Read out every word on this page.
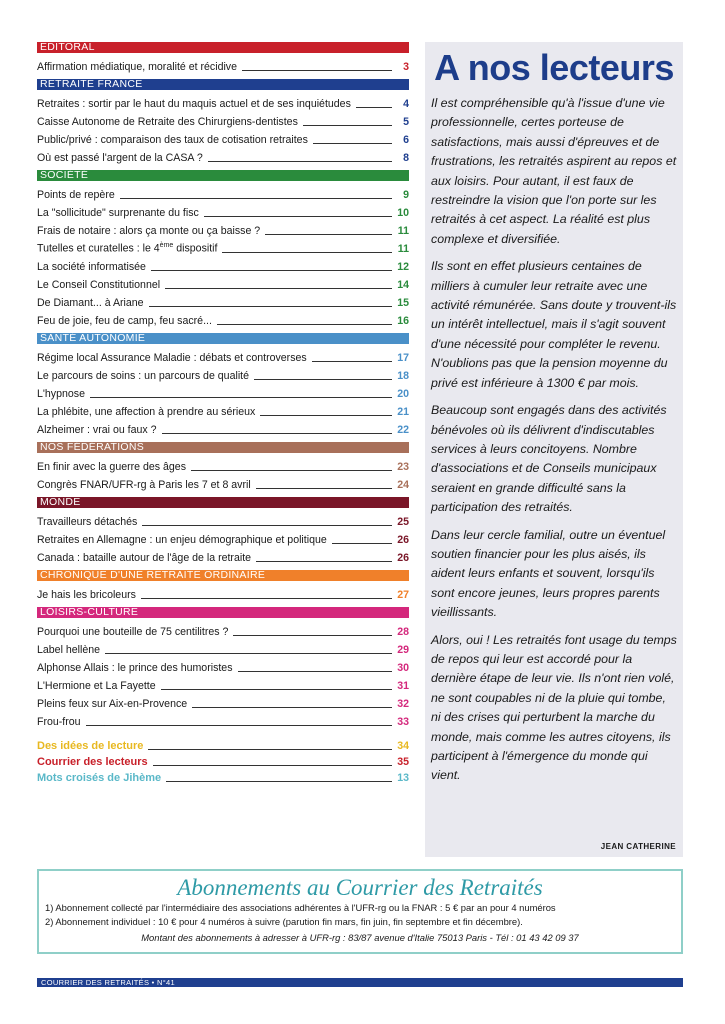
EDITORAL
Affirmation médiatique, moralité et récidive	3
RETRAITE FRANCE
Retraites : sortir par le haut du maquis actuel et de ses inquiétudes	4
Caisse Autonome de Retraite des Chirurgiens-dentistes	5
Public/privé : comparaison des taux de cotisation retraites	6
Où est passé l'argent de la CASA ?	8
SOCIÉTÉ
Points de repère	9
La "sollicitude" surprenante du fisc	10
Frais de notaire : alors ça monte ou ça baisse ?	11
Tutelles et curatelles : le 4ème dispositif	11
La société informatisée	12
Le Conseil Constitutionnel	14
De Diamant... à Ariane	15
Feu de joie, feu de camp, feu sacré...	16
SANTÉ AUTONOMIE
Régime local Assurance Maladie : débats et controverses	17
Le parcours de soins : un parcours de qualité	18
L'hypnose	20
La phlébite, une affection à prendre au sérieux	21
Alzheimer : vrai ou faux ?	22
NOS FÉDÉRATIONS
En finir avec la guerre des âges	23
Congrès FNAR/UFR-rg à Paris les 7 et 8 avril	24
MONDE
Travailleurs détachés	25
Retraites en Allemagne : un enjeu démographique et politique	26
Canada : bataille autour de l'âge de la retraite	26
CHRONIQUE D'UNE RETRAITE ORDINAIRE
Je hais les bricoleurs	27
LOISIRS-CULTURE
Pourquoi une bouteille de 75 centilitres ?	28
Label hellène	29
Alphonse Allais : le prince des humoristes	30
L'Hermione et La Fayette	31
Pleins feux sur Aix-en-Provence	32
Frou-frou	33
Des idées de lecture	34
Courrier des lecteurs	35
Mots croisés de Jihème	13
A nos lecteurs

Il est compréhensible qu'à l'issue d'une vie professionnelle, certes porteuse de satisfactions, mais aussi d'épreuves et de frustrations, les retraités aspirent au repos et aux loisirs. Pour autant, il est faux de restreindre la vision que l'on porte sur les retraités à cet aspect. La réalité est plus complexe et diversifiée.

Ils sont en effet plusieurs centaines de milliers à cumuler leur retraite avec une activité rémunérée. Sans doute y trouvent-ils un intérêt intellectuel, mais il s'agit souvent d'une nécessité pour compléter le revenu. N'oublions pas que la pension moyenne du privé est inférieure à 1300 € par mois.

Beaucoup sont engagés dans des activités bénévoles où ils délivrent d'indiscutables services à leurs concitoyens. Nombre d'associations et de Conseils municipaux seraient en grande difficulté sans la participation des retraités.

Dans leur cercle familial, outre un éventuel soutien financier pour les plus aisés, ils aident leurs enfants et souvent, lorsqu'ils sont encore jeunes, leurs propres parents vieillissants.

Alors, oui ! Les retraités font usage du temps de repos qui leur est accordé pour la dernière étape de leur vie. Ils n'ont rien volé, ne sont coupables ni de la pluie qui tombe, ni des crises qui perturbent la marche du monde, mais comme les autres citoyens, ils participent à l'émergence du monde qui vient.

JEAN CATHERINE
Abonnements au Courrier des Retraités
1) Abonnement collecté par l'intermédiaire des associations adhérentes à l'UFR-rg ou la FNAR : 5 € par an pour 4 numéros
2) Abonnement individuel : 10 € pour 4 numéros à suivre (parution fin mars, fin juin, fin septembre et fin décembre).
Montant des abonnements à adresser à UFR-rg : 83/87 avenue d'Italie 75013 Paris - Tél : 01 43 42 09 37
COURRIER DES RETRAITÉS • N°41
